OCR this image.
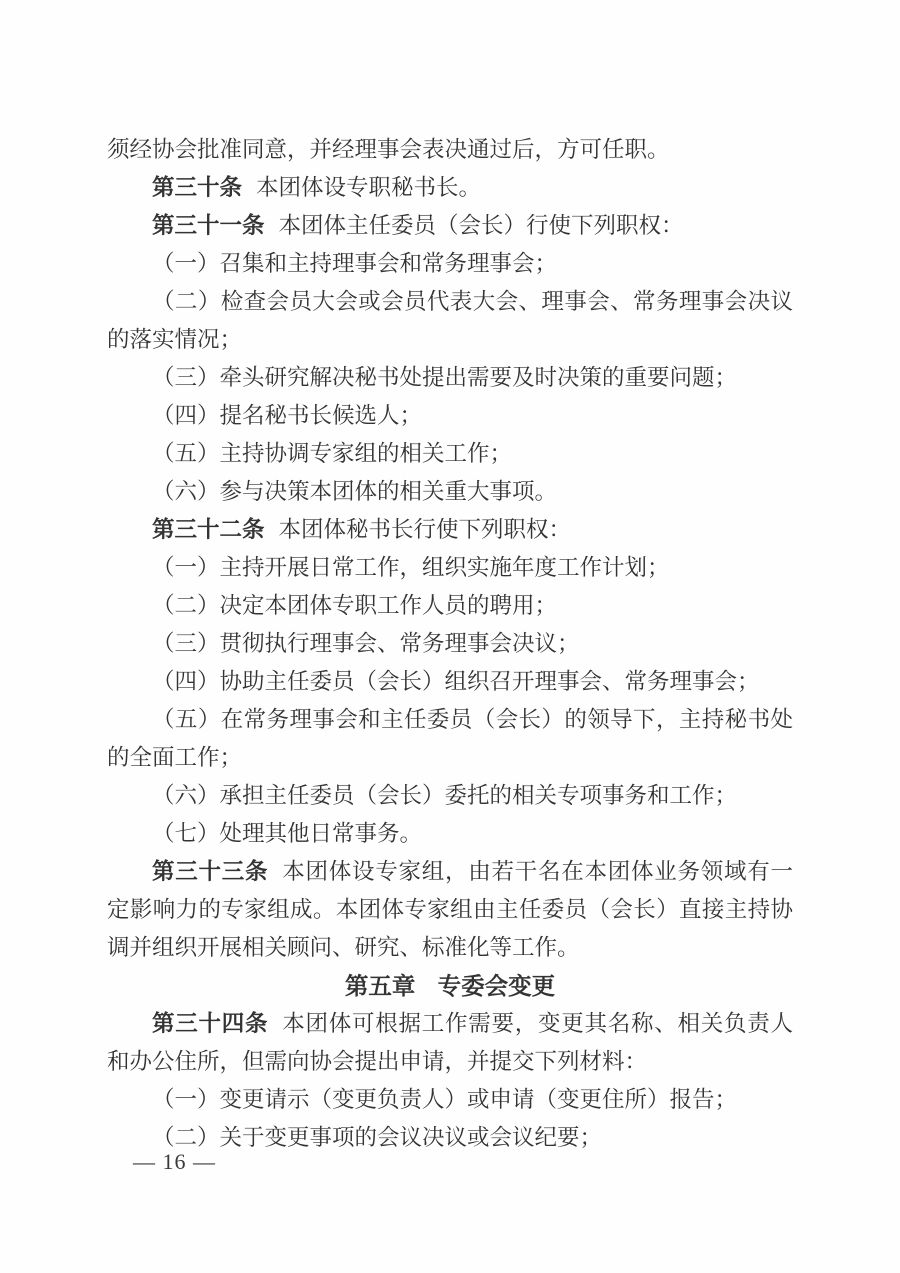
须经协会批准同意，并经理事会表决通过后，方可任职。

第三十条 本团体设专职秘书长。

第三十一条 本团体主任委员（会长）行使下列职权：

（一）召集和主持理事会和常务理事会；

（二）检查会员大会或会员代表大会、理事会、常务理事会决议的落实情况；

（三）牵头研究解决秘书处提出需要及时决策的重要问题；

（四）提名秘书长候选人；

（五）主持协调专家组的相关工作；

（六）参与决策本团体的相关重大事项。

第三十二条 本团体秘书长行使下列职权：

（一）主持开展日常工作，组织实施年度工作计划；

（二）决定本团体专职工作人员的聘用；

（三）贯彻执行理事会、常务理事会决议；

（四）协助主任委员（会长）组织召开理事会、常务理事会；

（五）在常务理事会和主任委员（会长）的领导下，主持秘书处的全面工作；

（六）承担主任委员（会长）委托的相关专项事务和工作；

（七）处理其他日常事务。

第三十三条 本团体设专家组，由若干名在本团体业务领域有一定影响力的专家组成。本团体专家组由主任委员（会长）直接主持协调并组织开展相关顾问、研究、标准化等工作。

第五章 专委会变更

第三十四条 本团体可根据工作需要，变更其名称、相关负责人和办公住所，但需向协会提出申请，并提交下列材料：

（一）变更请示（变更负责人）或申请（变更住所）报告；

（二）关于变更事项的会议决议或会议纪要；

— 16 —
